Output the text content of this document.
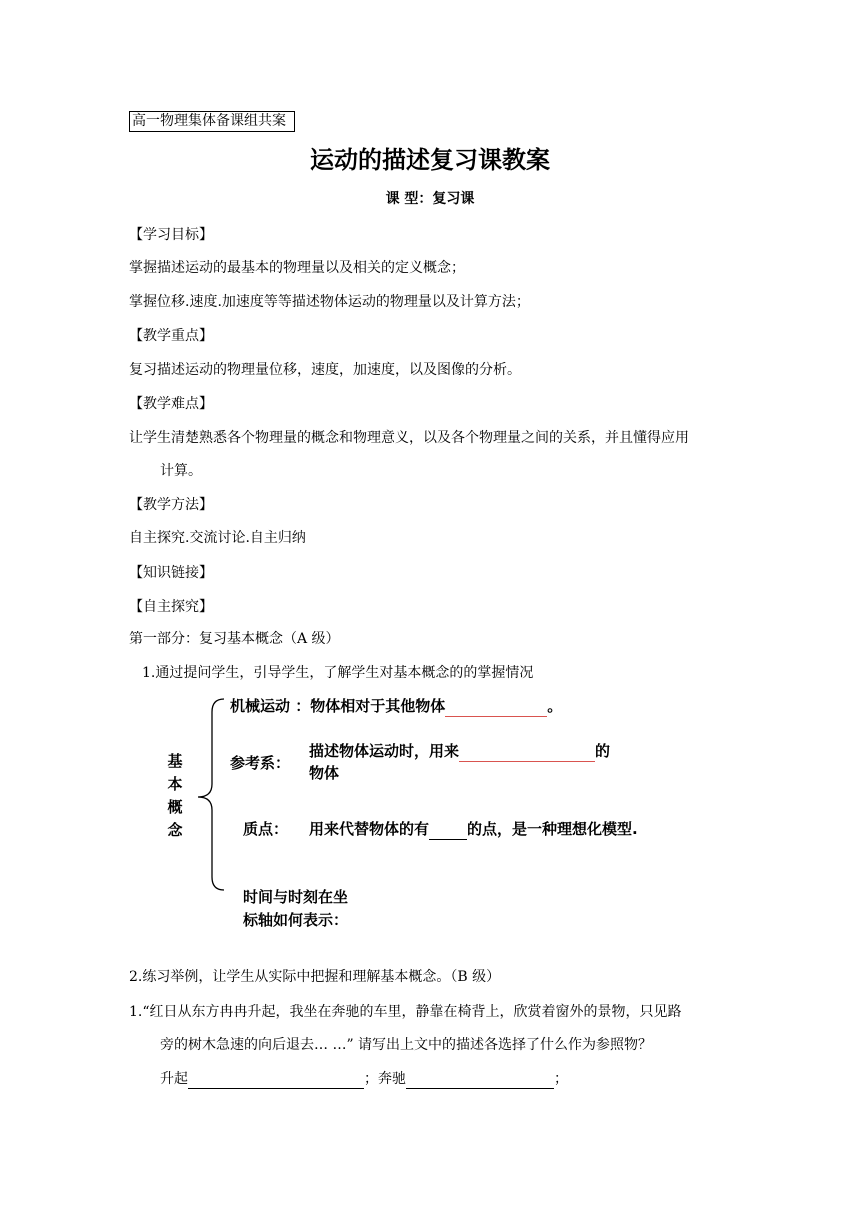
高一物理集体备课组共案
运动的描述复习课教案
课 型：复习课
【学习目标】
掌握描述运动的最基本的物理量以及相关的定义概念；
掌握位移.速度.加速度等等描述物体运动的物理量以及计算方法；
【教学重点】
复习描述运动的物理量位移，速度，加速度，以及图像的分析。
【教学难点】
让学生清楚熟悉各个物理量的概念和物理意义，以及各个物理量之间的关系，并且懂得应用
计算。
【教学方法】
自主探究.交流讨论.自主归纳
【知识链接】
【自主探究】
第一部分：复习基本概念（A 级）
1.通过提问学生，引导学生，了解学生对基本概念的的掌握情况
基
本
概
念
机械运动 ：物体相对于其他物体	。
参考系：
描述物体运动时，用来	的
物体
质点： 用来代替物体的有	的点，是一种理想化模型.
时间与时刻在坐
标轴如何表示：
2.练习举例，让学生从实际中把握和理解基本概念。（B 级）
1.“红日从东方冉冉升起，我坐在奔驰的车里，静靠在椅背上，欣赏着窗外的景物，只见路
旁的树木急速的向后退去… …” 请写出上文中的描述各选择了什么作为参照物？
升起	；奔驰	；
